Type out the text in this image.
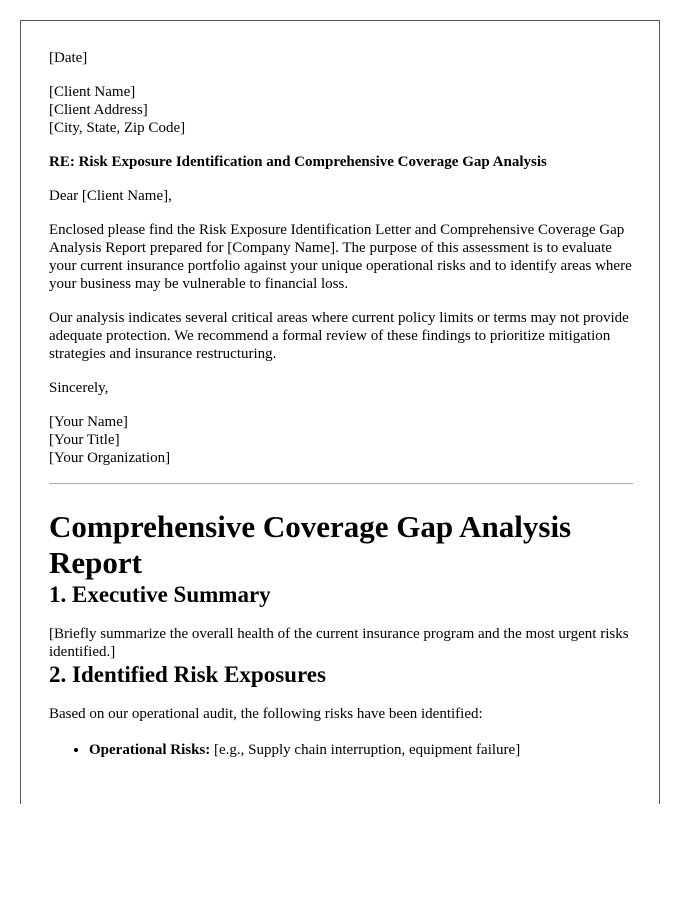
[Date]

[Client Name]

[Client Address]

[City, State, Zip Code]

RE: Risk Exposure Identification and Comprehensive Coverage Gap Analysis

Dear [Client Name],

Enclosed please find the Risk Exposure Identification Letter and Comprehensive Coverage Gap Analysis Report prepared for [Company Name]. The purpose of this assessment is to evaluate your current insurance portfolio against your unique operational risks and to identify areas where your business may be vulnerable to financial loss.

Our analysis indicates several critical areas where current policy limits or terms may not provide adequate protection. We recommend a formal review of these findings to prioritize mitigation strategies and insurance restructuring.

Sincerely,

[Your Name]

[Your Title]

[Your Organization]

Comprehensive Coverage Gap Analysis Report
1. Executive Summary

[Briefly summarize the overall health of the current insurance program and the most urgent risks identified.]

2. Identified Risk Exposures

Based on our operational audit, the following risks have been identified:

• Operational Risks: [e.g., Supply chain interruption, equipment failure]
